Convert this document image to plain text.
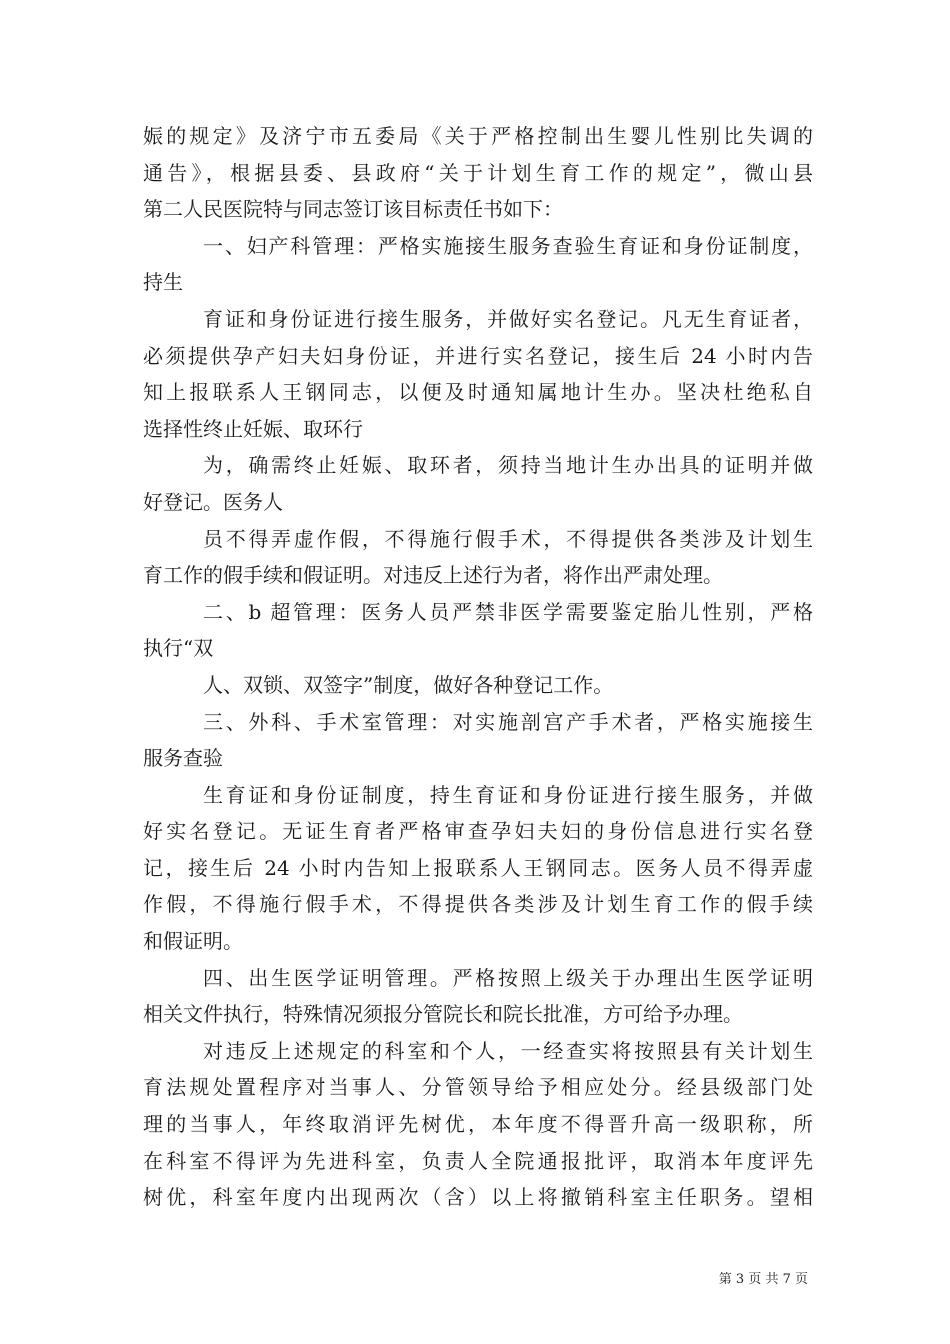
娠的规定》及济宁市五委局《关于严格控制出生婴儿性别比失调的
通告》，根据县委、县政府“关于计划生育工作的规定”，微山县
第二人民医院特与同志签订该目标责任书如下：
一、妇产科管理：严格实施接生服务查验生育证和身份证制度，
持生
育证和身份证进行接生服务，并做好实名登记。凡无生育证者，
必须提供孕产妇夫妇身份证，并进行实名登记，接生后 24 小时内告
知上报联系人王钢同志，以便及时通知属地计生办。坚决杜绝私自
选择性终止妊娠、取环行
为，确需终止妊娠、取环者，须持当地计生办出具的证明并做
好登记。医务人
员不得弄虚作假，不得施行假手术，不得提供各类涉及计划生
育工作的假手续和假证明。对违反上述行为者，将作出严肃处理。
二、b 超管理：医务人员严禁非医学需要鉴定胎儿性别，严格
执行“双
人、双锁、双签字”制度，做好各种登记工作。
三、外科、手术室管理：对实施剖宫产手术者，严格实施接生
服务查验
生育证和身份证制度，持生育证和身份证进行接生服务，并做
好实名登记。无证生育者严格审查孕妇夫妇的身份信息进行实名登
记，接生后 24 小时内告知上报联系人王钢同志。医务人员不得弄虚
作假，不得施行假手术，不得提供各类涉及计划生育工作的假手续
和假证明。
四、出生医学证明管理。严格按照上级关于办理出生医学证明
相关文件执行，特殊情况须报分管院长和院长批准，方可给予办理。
对违反上述规定的科室和个人，一经查实将按照县有关计划生
育法规处置程序对当事人、分管领导给予相应处分。经县级部门处
理的当事人，年终取消评先树优，本年度不得晋升高一级职称，所
在科室不得评为先进科室，负责人全院通报批评，取消本年度评先
树优，科室年度内出现两次（含）以上将撤销科室主任职务。望相
第 3 页 共 7 页
